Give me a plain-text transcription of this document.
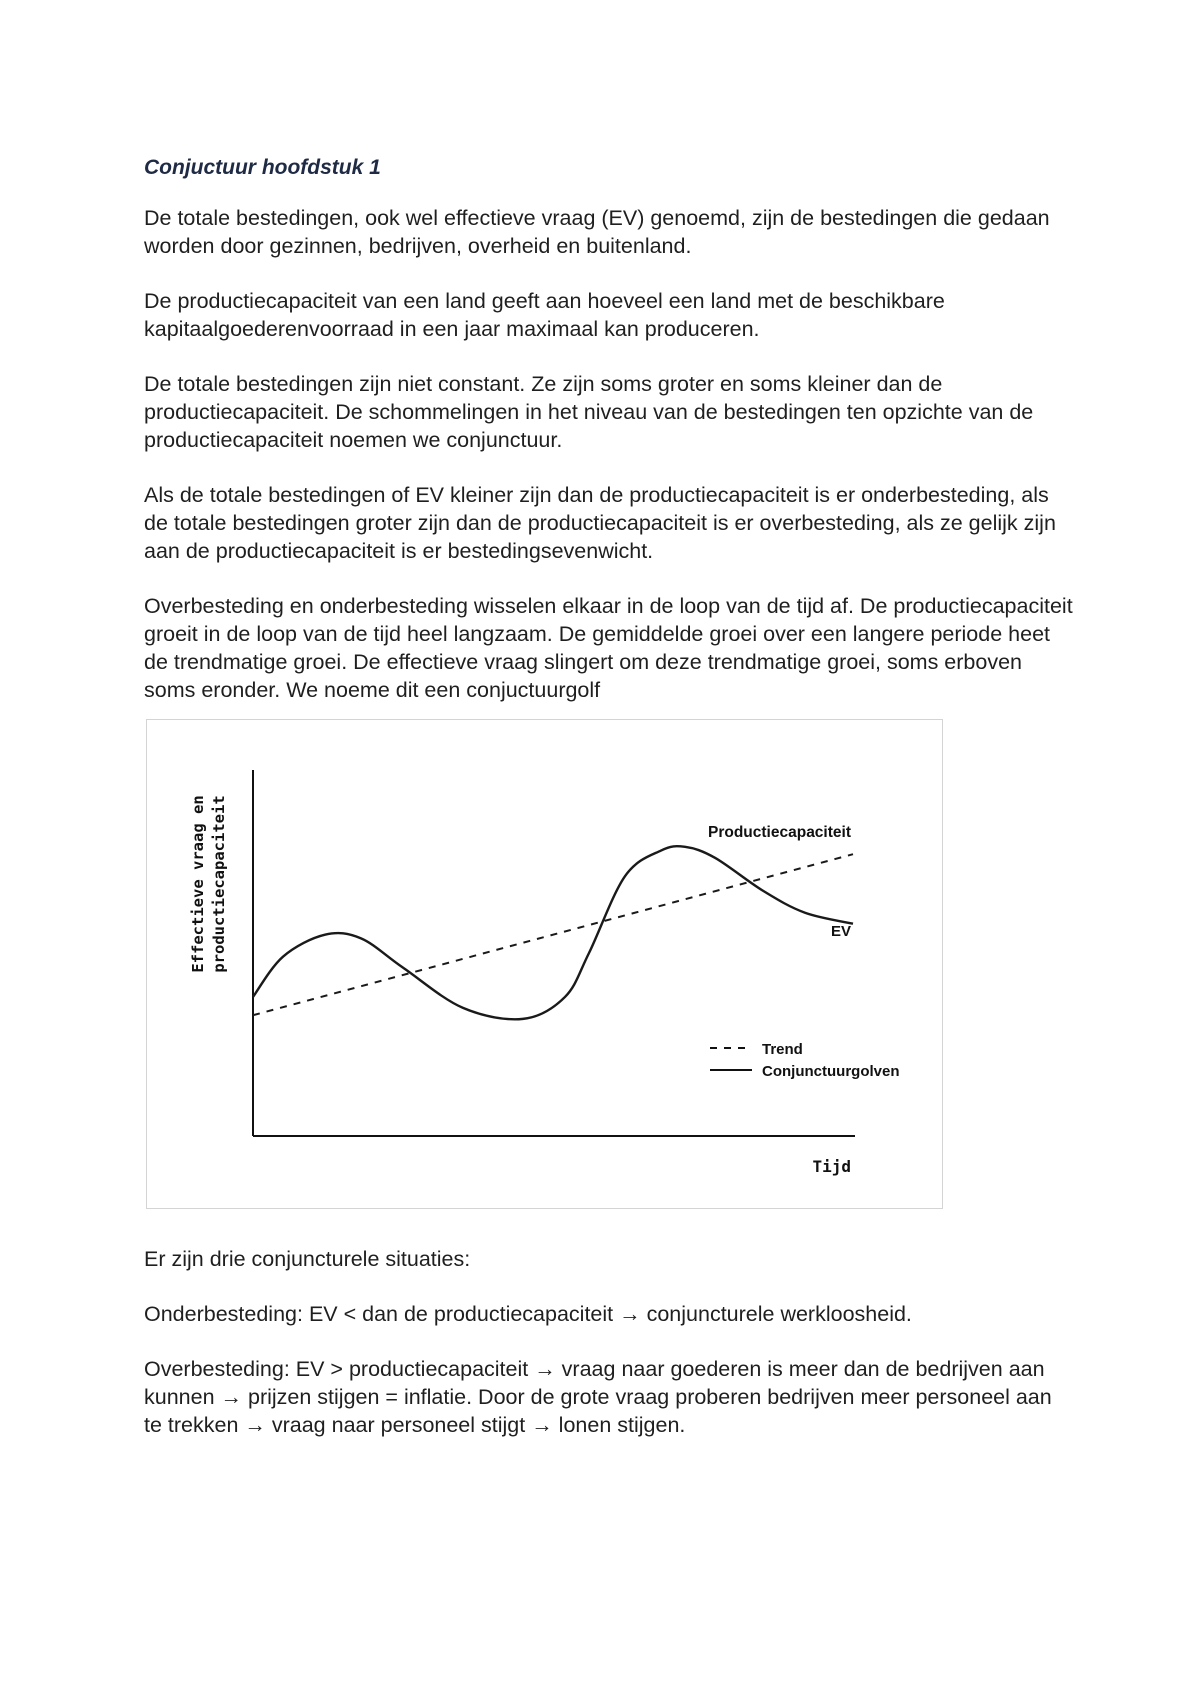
Conjuctuur hoofdstuk 1

De totale bestedingen, ook wel effectieve vraag (EV) genoemd, zijn de bestedingen die gedaan worden door gezinnen, bedrijven, overheid en buitenland.

De productiecapaciteit van een land geeft aan hoeveel een land met de beschikbare kapitaalgoederenvoorraad in een jaar maximaal kan produceren.

De totale bestedingen zijn niet constant. Ze zijn soms groter en soms kleiner dan de productiecapaciteit. De schommelingen in het niveau van de bestedingen ten opzichte van de productiecapaciteit noemen we conjunctuur.

Als de totale bestedingen of EV kleiner zijn dan de productiecapaciteit is er onderbesteding, als de totale bestedingen groter zijn dan de productiecapaciteit is er overbesteding, als ze gelijk zijn aan de productiecapaciteit is er bestedingsevenwicht.

Overbesteding en onderbesteding wisselen elkaar in de loop van de tijd af. De productiecapaciteit groeit in de loop van de tijd heel langzaam. De gemiddelde groei over een langere periode heet de trendmatige groei. De effectieve vraag slingert om deze trendmatige groei, soms erboven soms eronder. We noeme dit een conjuctuurgolf

Effectieve vraag en productiecapaciteit
Tijd
Productiecapaciteit
EV
Trend
Conjunctuurgolven

Er zijn drie conjuncturele situaties:

Onderbesteding: EV < dan de productiecapaciteit → conjuncturele werkloosheid.

Overbesteding: EV > productiecapaciteit → vraag naar goederen is meer dan de bedrijven aan kunnen → prijzen stijgen = inflatie. Door de grote vraag proberen bedrijven meer personeel aan te trekken → vraag naar personeel stijgt → lonen stijgen.
